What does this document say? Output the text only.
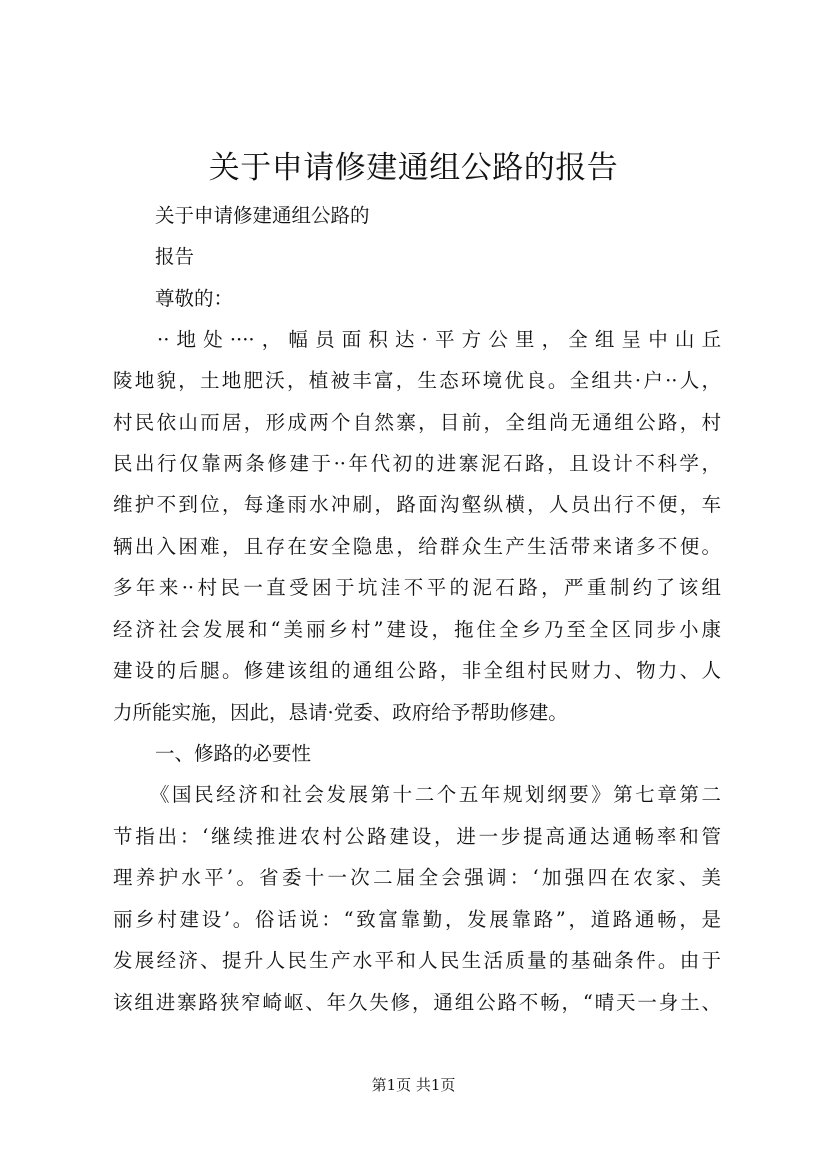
关于申请修建通组公路的报告

关于申请修建通组公路的

报告

尊敬的：

··地处····，幅员面积达·平方公里，全组呈中山丘

陵地貌，土地肥沃，植被丰富，生态环境优良。全组共·户··人，

村民依山而居，形成两个自然寨，目前，全组尚无通组公路，村

民出行仅靠两条修建于··年代初的进寨泥石路，且设计不科学，

维护不到位，每逢雨水冲刷，路面沟壑纵横，人员出行不便，车

辆出入困难，且存在安全隐患，给群众生产生活带来诸多不便。

多年来··村民一直受困于坑洼不平的泥石路，严重制约了该组

经济社会发展和“美丽乡村”建设，拖住全乡乃至全区同步小康

建设的后腿。修建该组的通组公路，非全组村民财力、物力、人

力所能实施，因此，恳请·党委、政府给予帮助修建。

一、修路的必要性

《国民经济和社会发展第十二个五年规划纲要》第七章第二

节指出：‘继续推进农村公路建设，进一步提高通达通畅率和管

理养护水平’。省委十一次二届全会强调：‘加强四在农家、美

丽乡村建设’。俗话说：“致富靠勤，发展靠路”，道路通畅，是

发展经济、提升人民生产水平和人民生活质量的基础条件。由于

该组进寨路狭窄崎岖、年久失修，通组公路不畅，“晴天一身土、

第1页 共1页
